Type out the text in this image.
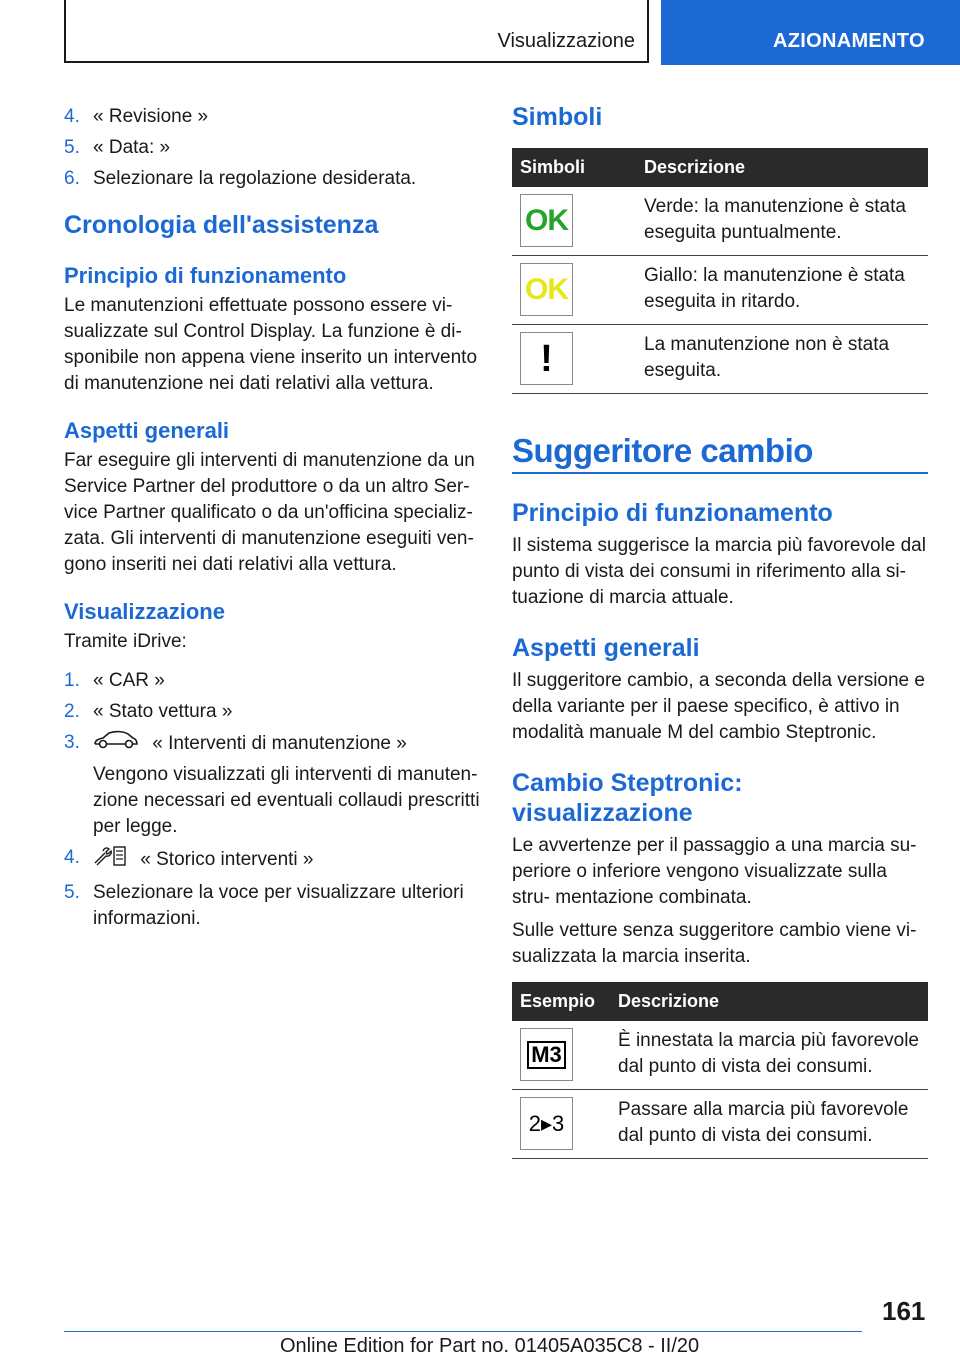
Visualizzazione	AZIONAMENTO
4. « Revisione »
5. « Data: »
6. Selezionare la regolazione desiderata.
Cronologia dell'assistenza
Principio di funzionamento

Le manutenzioni effettuate possono essere vi- sualizzate sul Control Display. La funzione è di- sponibile non appena viene inserito un intervento di manutenzione nei dati relativi alla vettura.

Aspetti generali

Far eseguire gli interventi di manutenzione da un Service Partner del produttore o da un altro Ser- vice Partner qualificato o da un'officina specializ- zata. Gli interventi di manutenzione eseguiti ven- gono inseriti nei dati relativi alla vettura.

Visualizzazione

Tramite iDrive:

1. « CAR »
2. « Stato vettura »
3.	« Interventi di manutenzione »

Vengono visualizzati gli interventi di manuten- zione necessari ed eventuali collaudi prescritti per legge.

4.	« Storico interventi »
5. Selezionare la voce per visualizzare ulteriori informazioni.
Simboli
Simboli	Descrizione

OK	Verde: la manutenzione è stata eseguita puntualmente.

OK	Giallo: la manutenzione è stata eseguita in ritardo.

!	La manutenzione non è stata eseguita.
Suggeritore cambio
Principio di funzionamento

Il sistema suggerisce la marcia più favorevole dal punto di vista dei consumi in riferimento alla si- tuazione di marcia attuale.

Aspetti generali

Il suggeritore cambio, a seconda della versione e della variante per il paese specifico, è attivo in modalità manuale M del cambio Steptronic.

Cambio Steptronic: visualizzazione

Le avvertenze per il passaggio a una marcia su- periore o inferiore vengono visualizzate sulla stru- mentazione combinata.

Sulle vetture senza suggeritore cambio viene vi- sualizzata la marcia inserita.

Esempio	Descrizione

M3	È innestata la marcia più favorevole dal punto di vista dei consumi.

2▸3	Passare alla marcia più favorevole dal punto di vista dei consumi.
161
Online Edition for Part no. 01405A035C8 - II/20
